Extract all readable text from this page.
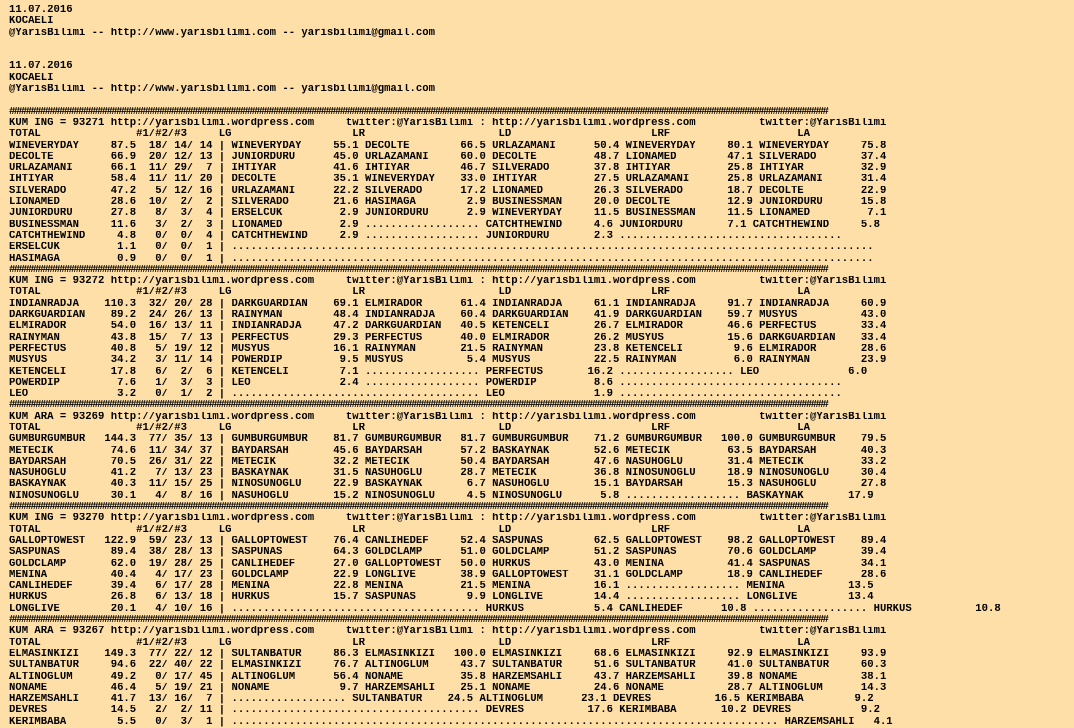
11.07.2016
KOCAELI
@YarisBilimi -- http://www.yarisbilimi.com -- yarisbilimi@gmail.com
11.07.2016
KOCAELI
@YarisBilimi -- http://www.yarisbilimi.com -- yarisbilimi@gmail.com
############################################################################################################################################################################
KUM ING = 93271 http://yarisbilimi.wordpress.com     twitter:@YarisBilimi : http://yarisbilimi.wordpress.com          twitter:@YarisBilimi
TOTAL               #1/#2/#3     LG                   LR                     LD                      LRF                    LA
WINEVERYDAY     87.5  18/ 14/ 14 | WINEVERYDAY     55.1 DECOLTE        66.5 URLAZAMANI      50.4 WINEVERYDAY     80.1 WINEVERYDAY     75.8
DECOLTE         66.9  20/ 12/ 13 | JUNIORDURU      45.0 URLAZAMANI     60.0 DECOLTE         48.7 LIONAMED        47.1 SILVERADO       37.4
URLAZAMANI      66.1  11/ 29/  7 | IHTIYAR         41.6 IHTIYAR        46.7 SILVERADO       37.8 IHTIYAR         25.8 IHTIYAR         32.9
IHTIYAR         58.4  11/ 11/ 20 | DECOLTE         35.1 WINEVERYDAY    33.0 IHTIYAR         27.5 URLAZAMANI      25.8 URLAZAMANI      31.4
SILVERADO       47.2   5/ 12/ 16 | URLAZAMANI      22.2 SILVERADO      17.2 LIONAMED        26.3 SILVERADO       18.7 DECOLTE         22.9
LIONAMED        28.6  10/  2/  2 | SILVERADO       21.6 HASIMAGA        2.9 BUSINESSMAN     20.0 DECOLTE         12.9 JUNIORDURU      15.8
JUNIORDURU      27.8   8/  3/  4 | ERSELCUK         2.9 JUNIORDURU      2.9 WINEVERYDAY     11.5 BUSINESSMAN     11.5 LIONAMED         7.1
BUSINESSMAN     11.6   3/  2/  3 | LIONAMED         2.9 .................. CATCHTHEWIND     4.6 JUNIORDURU       7.1 CATCHTHEWIND     5.8
CATCHTHEWIND     4.8   0/  0/  4 | CATCHTHEWIND     2.9 .................. JUNIORDURU       2.3 ...................................
ERSELCUK         1.1   0/  0/  1 | .....................................................................................................
HASIMAGA         0.9   0/  0/  1 | .....................................................................................................
############################################################################################################################################################################
KUM ING = 93272 http://yarisbilimi.wordpress.com     twitter:@YarisBilimi : http://yarisbilimi.wordpress.com          twitter:@YarisBilimi
TOTAL               #1/#2/#3     LG                   LR                     LD                      LRF                    LA
INDIANRADJA    110.3  32/ 20/ 28 | DARKGUARDIAN    69.1 ELMIRADOR      61.4 INDIANRADJA     61.1 INDIANRADJA     91.7 INDIANRADJA     60.9
DARKGUARDIAN    89.2  24/ 26/ 13 | RAINYMAN        48.4 INDIANRADJA    60.4 DARKGUARDIAN    41.9 DARKGUARDIAN    59.7 MUSYUS          43.0
ELMIRADOR       54.0  16/ 13/ 11 | INDIANRADJA     47.2 DARKGUARDIAN   40.5 KETENCELI       26.7 ELMIRADOR       46.6 PERFECTUS       33.4
RAINYMAN        43.8  15/  7/ 13 | PERFECTUS       29.3 PERFECTUS      40.0 ELMIRADOR       26.2 MUSYUS          15.6 DARKGUARDIAN    33.4
PERFECTUS       40.8   5/ 19/ 12 | MUSYUS          16.1 RAINYMAN       21.5 RAINYMAN        23.8 KETENCELI        9.6 ELMIRADOR       28.6
MUSYUS          34.2   3/ 11/ 14 | POWERDIP         9.5 MUSYUS          5.4 MUSYUS          22.5 RAINYMAN         6.0 RAINYMAN        23.9
KETENCELI       17.8   6/  2/  6 | KETENCELI        7.1 .................. PERFECTUS       16.2 .................. LEO              6.0
POWERDIP         7.6   1/  3/  3 | LEO              2.4 .................. POWERDIP         8.6 ...................................
LEO              3.2   0/  1/  2 | ....................................... LEO              1.9 ...................................
############################################################################################################################################################################
KUM ARA = 93269 http://yarisbilimi.wordpress.com     twitter:@YarisBilimi : http://yarisbilimi.wordpress.com          twitter:@YarisBilimi
TOTAL               #1/#2/#3     LG                   LR                     LD                      LRF                    LA
GUMBURGUMBUR   144.3  77/ 35/ 13 | GUMBURGUMBUR    81.7 GUMBURGUMBUR   81.7 GUMBURGUMBUR    71.2 GUMBURGUMBUR   100.0 GUMBURGUMBUR    79.5
METECIK         74.6  11/ 34/ 37 | BAYDARSAH       45.6 BAYDARSAH      57.2 BASKAYNAK       52.6 METECIK         63.5 BAYDARSAH       40.3
BAYDARSAH       70.5  26/ 31/ 22 | METECIK         32.2 METECIK        50.4 BAYDARSAH       47.6 NASUHOGLU       31.4 METECIK         33.2
NASUHOGLU       41.2   7/ 13/ 23 | BASKAYNAK       31.5 NASUHOGLU      28.7 METECIK         36.8 NINOSUNOGLU     18.9 NINOSUNOGLU     30.4
BASKAYNAK       40.3  11/ 15/ 25 | NINOSUNOGLU     22.9 BASKAYNAK       6.7 NASUHOGLU       15.1 BAYDARSAH       15.3 NASUHOGLU       27.8
NINOSUNOGLU     30.1   4/  8/ 16 | NASUHOGLU       15.2 NINOSUNOGLU     4.5 NINOSUNOGLU      5.8 .................. BASKAYNAK       17.9
############################################################################################################################################################################
KUM ING = 93270 http://yarisbilimi.wordpress.com     twitter:@YarisBilimi : http://yarisbilimi.wordpress.com          twitter:@YarisBilimi
TOTAL               #1/#2/#3     LG                   LR                     LD                      LRF                    LA
GALLOPTOWEST   122.9  59/ 23/ 13 | GALLOPTOWEST    76.4 CANLIHEDEF     52.4 SASPUNAS        62.5 GALLOPTOWEST    98.2 GALLOPTOWEST    89.4
SASPUNAS        89.4  38/ 28/ 13 | SASPUNAS        64.3 GOLDCLAMP      51.0 GOLDCLAMP       51.2 SASPUNAS        70.6 GOLDCLAMP       39.4
GOLDCLAMP       62.0  19/ 28/ 25 | CANLIHEDEF      27.0 GALLOPTOWEST   50.0 HURKUS          43.0 MENINA          41.4 SASPUNAS        34.1
MENINA          40.4   4/ 17/ 23 | GOLDCLAMP       22.9 LONGLIVE       38.9 GALLOPTOWEST    31.1 GOLDCLAMP       18.9 CANLIHEDEF      28.6
CANLIHEDEF      39.4   6/ 17/ 28 | MENINA          22.8 MENINA         21.5 MENINA          16.1 .................. MENINA          13.5
HURKUS          26.8   6/ 13/ 18 | HURKUS          15.7 SASPUNAS        9.9 LONGLIVE        14.4 .................. LONGLIVE        13.4
LONGLIVE        20.1   4/ 10/ 16 | ....................................... HURKUS           5.4 CANLIHEDEF      10.8 .................. HURKUS          10.8
############################################################################################################################################################################
KUM ARA = 93267 http://yarisbilimi.wordpress.com     twitter:@YarisBilimi : http://yarisbilimi.wordpress.com          twitter:@YarisBilimi
TOTAL               #1/#2/#3     LG                   LR                     LD                      LRF                    LA
ELMASINKIZI    149.3  77/ 22/ 12 | SULTANBATUR     86.3 ELMASINKIZI   100.0 ELMASINKIZI     68.6 ELMASINKIZI     92.9 ELMASINKIZI     93.9
SULTANBATUR     94.6  22/ 40/ 22 | ELMASINKIZI     76.7 ALTINOGLUM     43.7 SULTANBATUR     51.6 SULTANBATUR     41.0 SULTANBATUR     60.3
ALTINOGLUM      49.2   0/ 17/ 45 | ALTINOGLUM      56.4 NONAME         35.8 HARZEMSAHLI     43.7 HARZEMSAHLI     39.8 NONAME          38.1
NONAME          46.4   5/ 19/ 21 | NONAME           9.7 HARZEMSAHLI    25.1 NONAME          24.6 NONAME          28.7 ALTINOGLUM      14.3
HARZEMSAHLI     41.7  13/ 16/  7 | .................. SULTANBATUR    24.5 ALTINOGLUM      23.1 DEVRES          16.5 KERIMBABA        9.2
DEVRES          14.5   2/  2/ 11 | ....................................... DEVRES          17.6 KERIMBABA       10.2 DEVRES           9.2
KERIMBABA        5.5   0/  3/  1 | ...................................................................................... HARZEMSAHLI   4.1
